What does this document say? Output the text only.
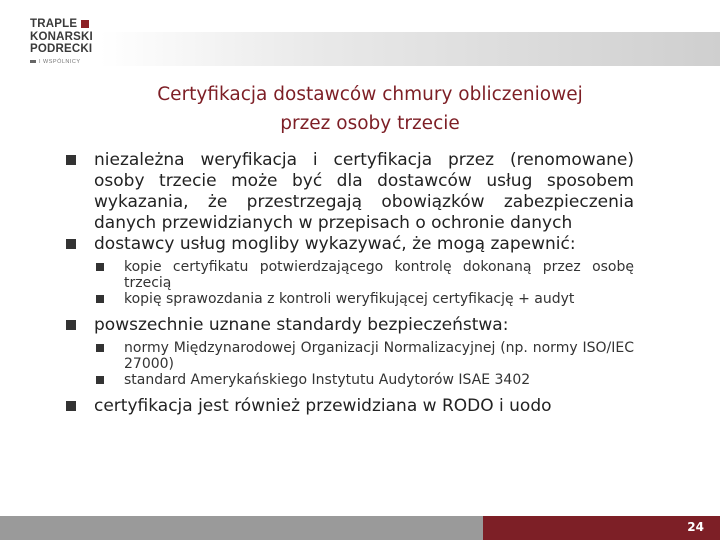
TRAPLE
KONARSKI
PODRECKI
I WSPÓLNICY
Certyfikacja dostawców chmury obliczeniowej
przez osoby trzecie
niezależna weryfikacja i certyfikacja przez (renomowane) osoby trzecie może być dla dostawców usług sposobem wykazania, że przestrzegają obowiązków zabezpieczenia danych przewidzianych w przepisach o ochronie danych
dostawcy usług mogliby wykazywać, że mogą zapewnić:
kopie certyfikatu potwierdzającego kontrolę dokonaną przez osobę trzecią
kopię sprawozdania z kontroli weryfikującej certyfikację + audyt
powszechnie uznane standardy bezpieczeństwa:
normy Międzynarodowej Organizacji Normalizacyjnej (np. normy ISO/IEC 27000)
standard Amerykańskiego Instytutu Audytorów ISAE 3402
certyfikacja jest również przewidziana w RODO i uodo
24
